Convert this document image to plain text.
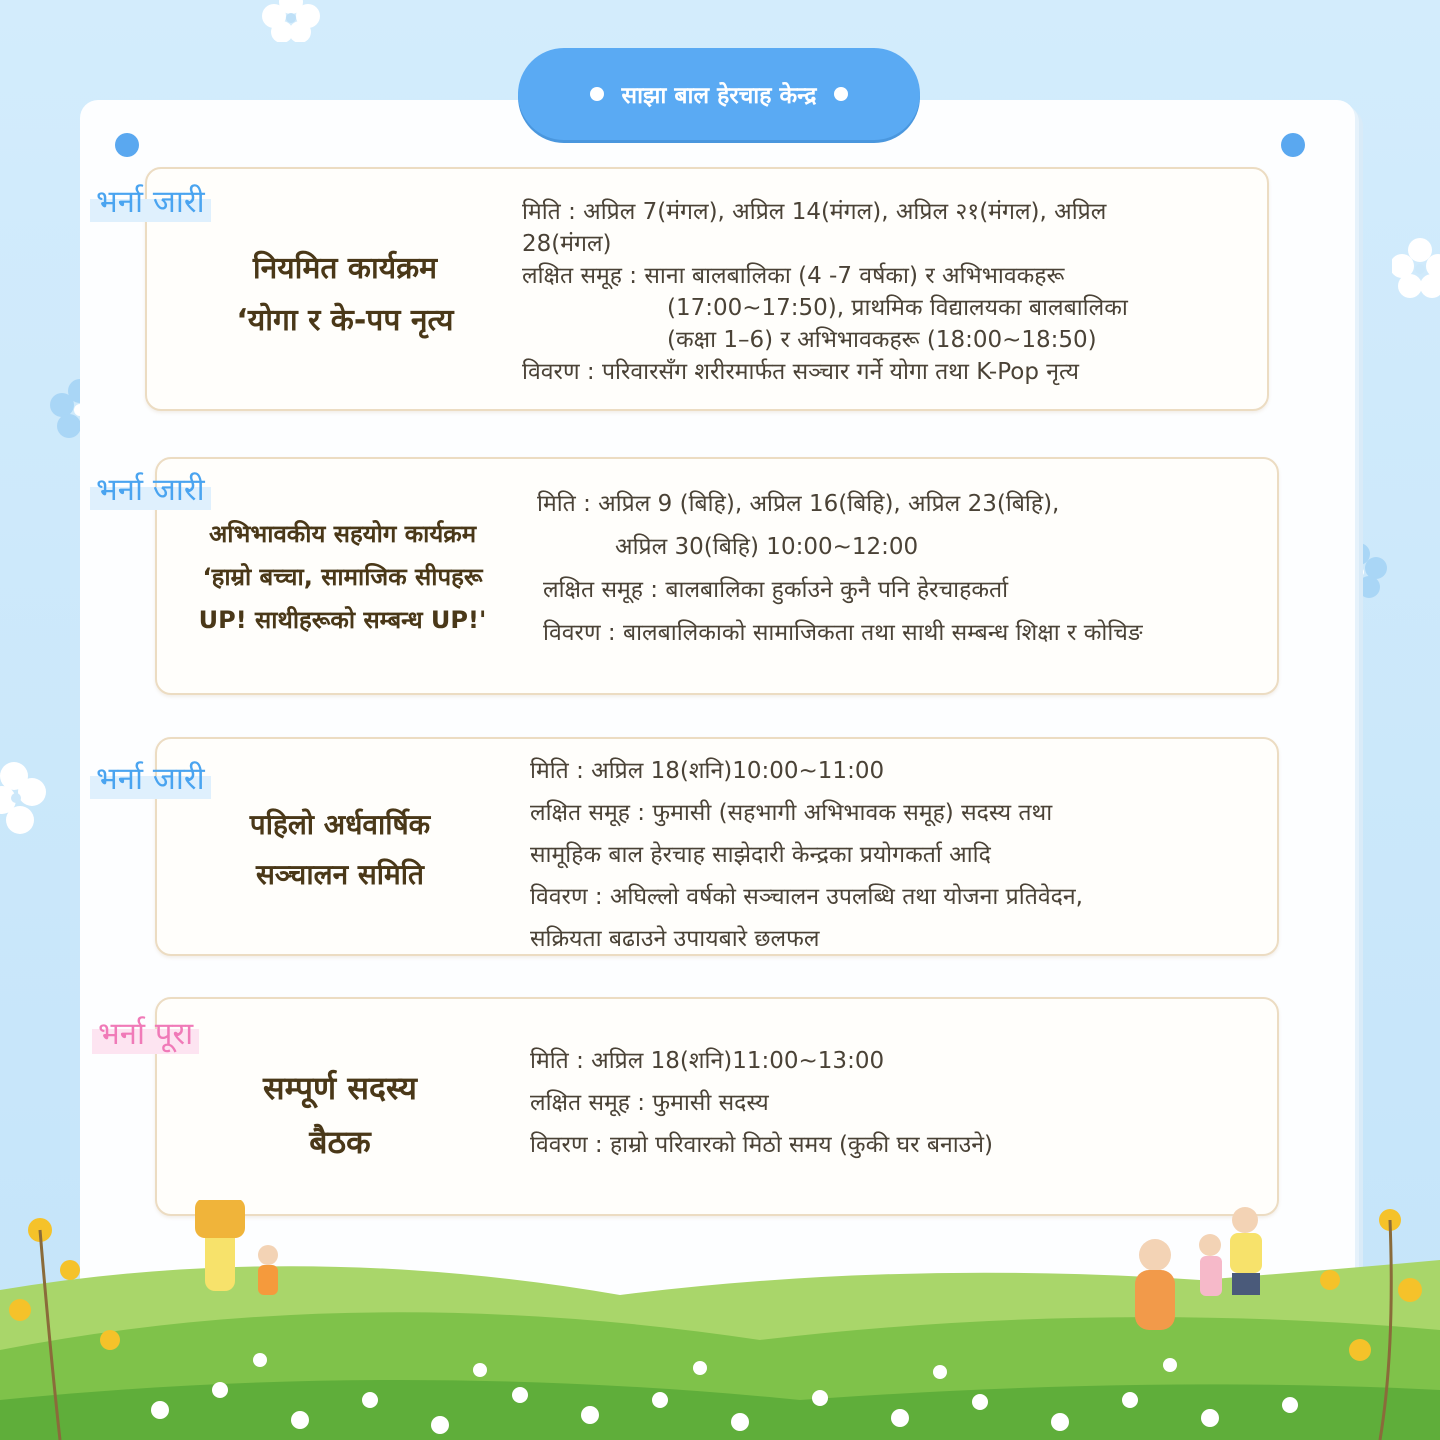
साझा बाल हेरचाह केन्द्र
भर्ना जारी
नियमित कार्यक्रम
‘योगा र के-पप नृत्य

मिति : अप्रिल 7(मंगल), अप्रिल 14(मंगल), अप्रिल २१(मंगल), अप्रिल

28(मंगल)

लक्षित समूह : साना बालबालिका (4 -7 वर्षका) र अभिभावकहरू

(17:00~17:50), प्राथमिक विद्यालयका बालबालिका

(कक्षा 1–6) र अभिभावकहरू (18:00~18:50)

विवरण : परिवारसँग शरीरमार्फत सञ्चार गर्ने योगा तथा K-Pop नृत्य

भर्ना जारी
अभिभावकीय सहयोग कार्यक्रम
‘हाम्रो बच्चा, सामाजिक सीपहरू
UP! साथीहरूको सम्बन्ध UP!'

मिति : अप्रिल 9 (बिहि), अप्रिल 16(बिहि), अप्रिल 23(बिहि),

अप्रिल 30(बिहि) 10:00~12:00

लक्षित समूह : बालबालिका हुर्काउने कुनै पनि हेरचाहकर्ता

विवरण : बालबालिकाको सामाजिकता तथा साथी सम्बन्ध शिक्षा र कोचिङ

भर्ना जारी
पहिलो अर्धवार्षिक
सञ्चालन समिति

मिति : अप्रिल 18(शनि)10:00~11:00

लक्षित समूह : फुमासी (सहभागी अभिभावक समूह) सदस्य तथा

सामूहिक बाल हेरचाह साझेदारी केन्द्रका प्रयोगकर्ता आदि

विवरण : अघिल्लो वर्षको सञ्चालन उपलब्धि तथा योजना प्रतिवेदन,

सक्रियता बढाउने उपायबारे छलफल

भर्ना पूरा
सम्पूर्ण सदस्य
बैठक

मिति : अप्रिल 18(शनि)11:00~13:00

लक्षित समूह : फुमासी सदस्य

विवरण : हाम्रो परिवारको मिठो समय (कुकी घर बनाउने)
